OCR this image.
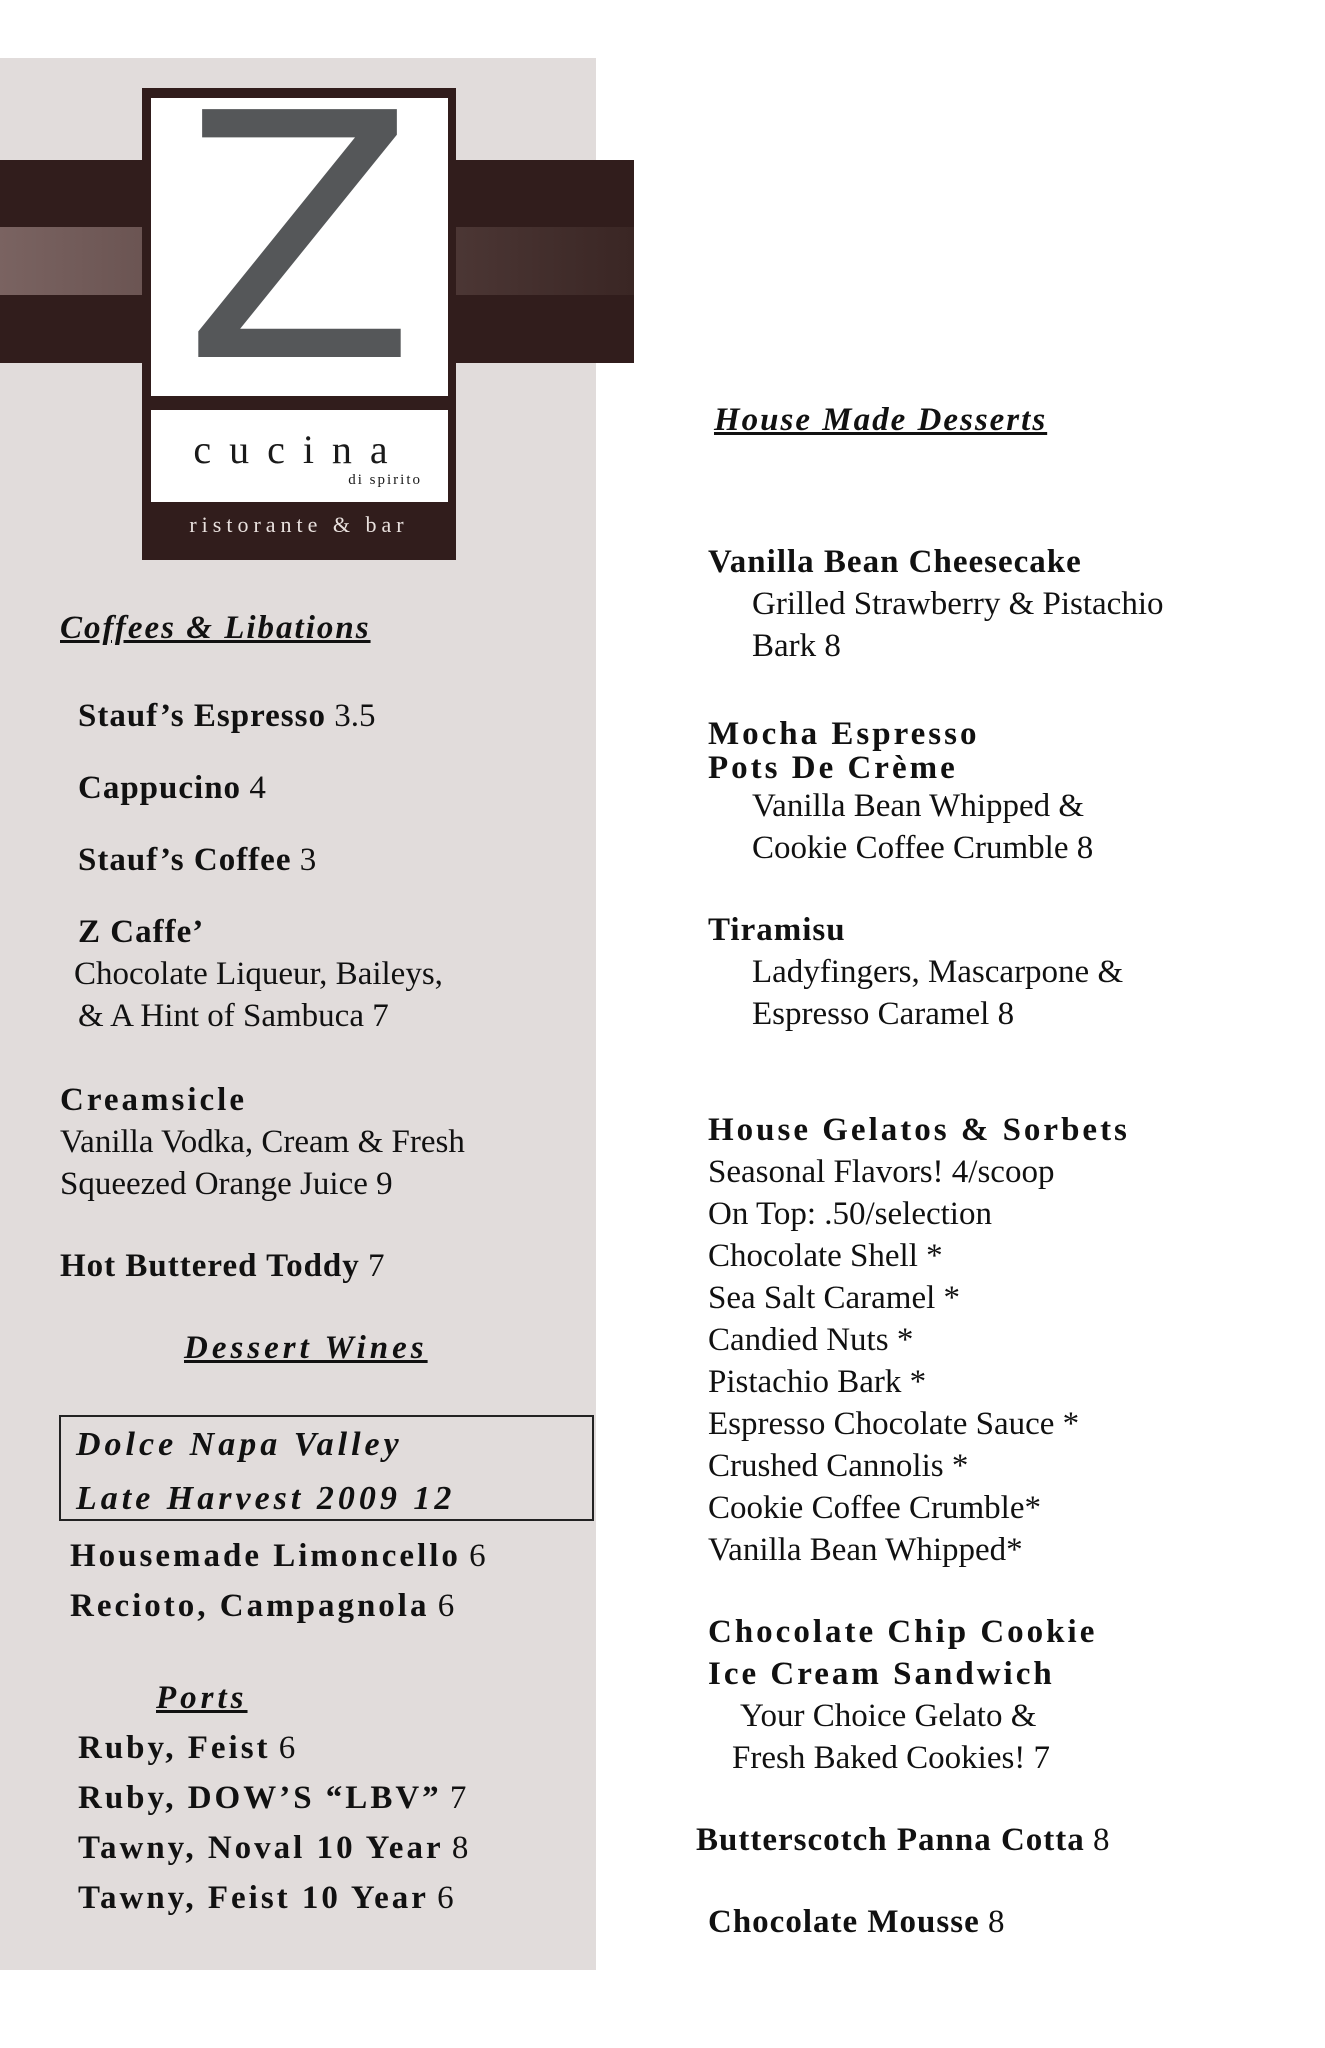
Z
cucina
di spirito
ristorante & bar
Coffees & Libations
Stauf’s Espresso 3.5
Cappucino 4
Stauf’s Coffee 3
Z Caffe’
Chocolate Liqueur, Baileys,
& A Hint of Sambuca 7
Creamsicle
Vanilla Vodka, Cream & Fresh
Squeezed Orange Juice 9
Hot Buttered Toddy 7
Dessert Wines
Dolce Napa Valley
Late Harvest 2009 12
Housemade Limoncello 6
Recioto, Campagnola 6
Ports
Ruby, Feist 6
Ruby, DOW’S “LBV” 7
Tawny, Noval 10 Year 8
Tawny, Feist 10 Year 6
House Made Desserts
Vanilla Bean Cheesecake
Grilled Strawberry & Pistachio
Bark 8
Mocha Espresso
Pots De Crème
Vanilla Bean Whipped &
Cookie Coffee Crumble 8
Tiramisu
Ladyfingers, Mascarpone &
Espresso Caramel 8
House Gelatos & Sorbets
Seasonal Flavors! 4/scoop
On Top: .50/selection
Chocolate Shell *
Sea Salt Caramel *
Candied Nuts *
Pistachio Bark *
Espresso Chocolate Sauce *
Crushed Cannolis *
Cookie Coffee Crumble*
Vanilla Bean Whipped*
Chocolate Chip Cookie
Ice Cream Sandwich
Your Choice Gelato &
Fresh Baked Cookies! 7
Butterscotch Panna Cotta 8
Chocolate Mousse 8
